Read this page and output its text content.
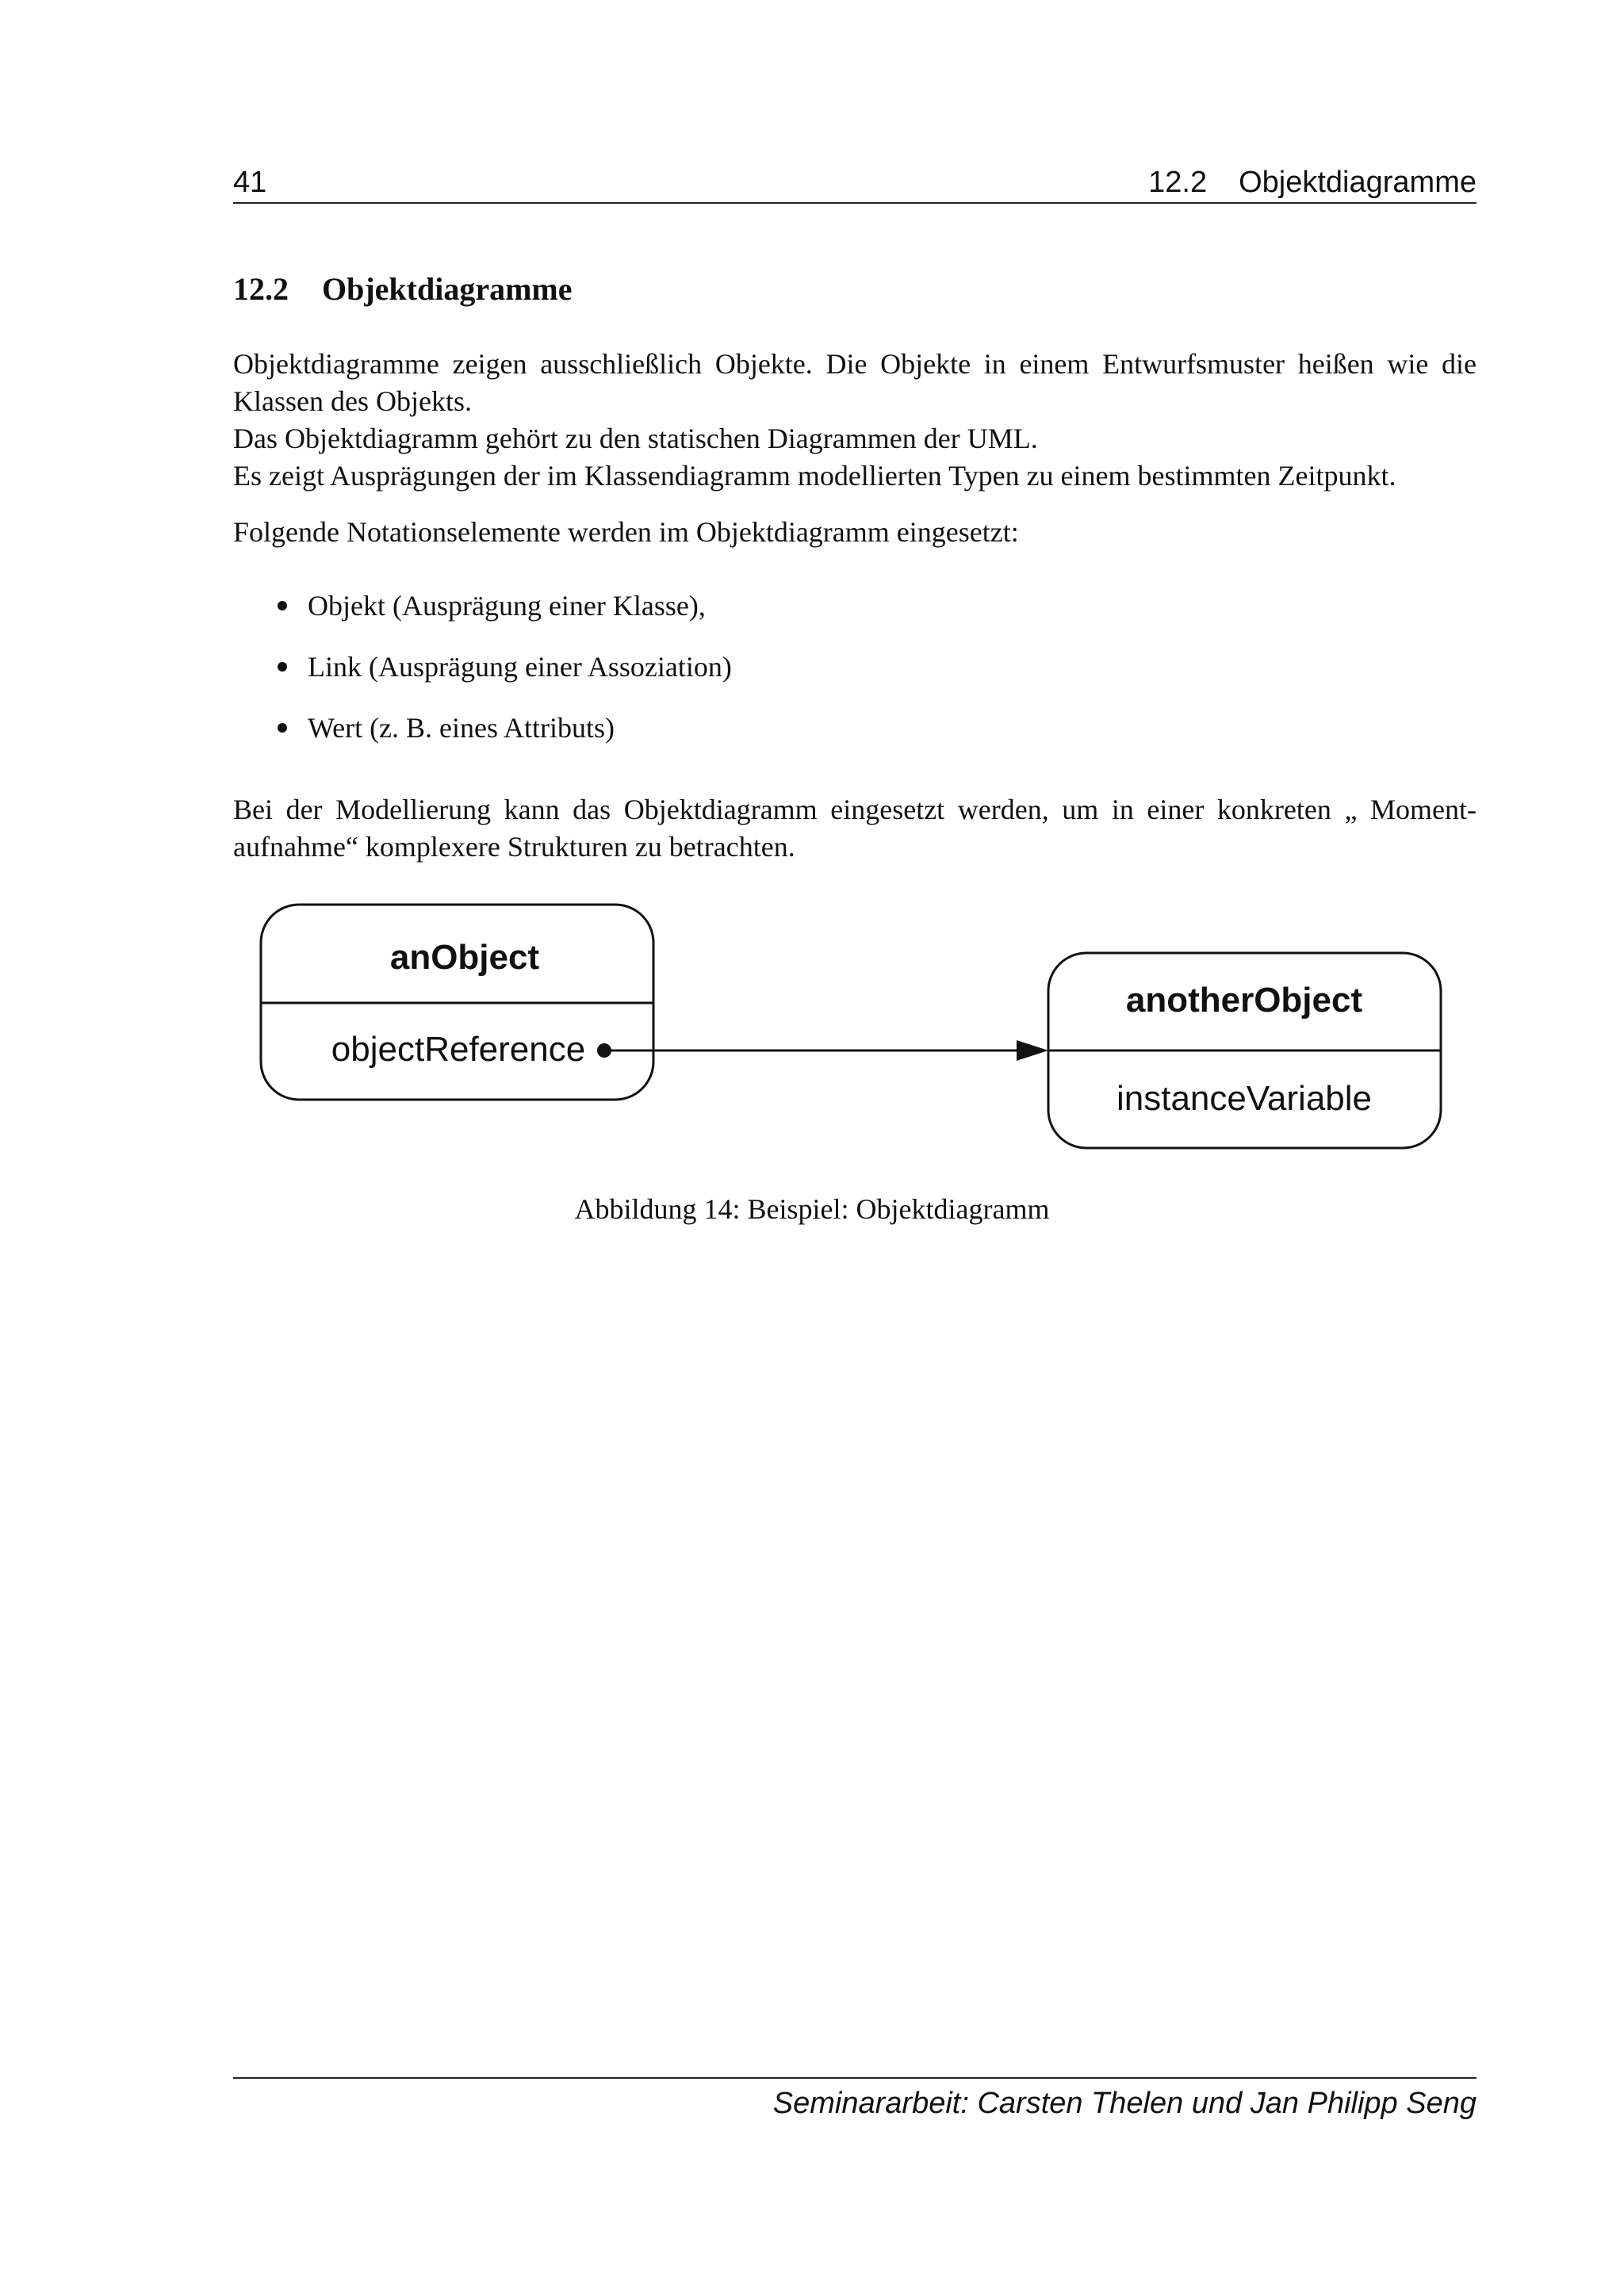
41	12.2 Objektdiagramme
12.2 Objektdiagramme

Objektdiagramme zeigen ausschließlich Objekte. Die Objekte in einem Entwurfsmuster heißen wie die

Klassen des Objekts.

Das Objektdiagramm gehört zu den statischen Diagrammen der UML.

Es zeigt Ausprägungen der im Klassendiagramm modellierten Typen zu einem bestimmten Zeitpunkt.

Folgende Notationselemente werden im Objektdiagramm eingesetzt:

Objekt (Ausprägung einer Klasse),
Link (Ausprägung einer Assoziation)
Wert (z. B. eines Attributs)

Bei der Modellierung kann das Objektdiagramm eingesetzt werden, um in einer konkreten „ Moment-

aufnahme“ komplexere Strukturen zu betrachten.

anObject
objectReference
anotherObject
instanceVariable
Abbildung 14: Beispiel: Objektdiagramm
Seminararbeit: Carsten Thelen und Jan Philipp Seng
